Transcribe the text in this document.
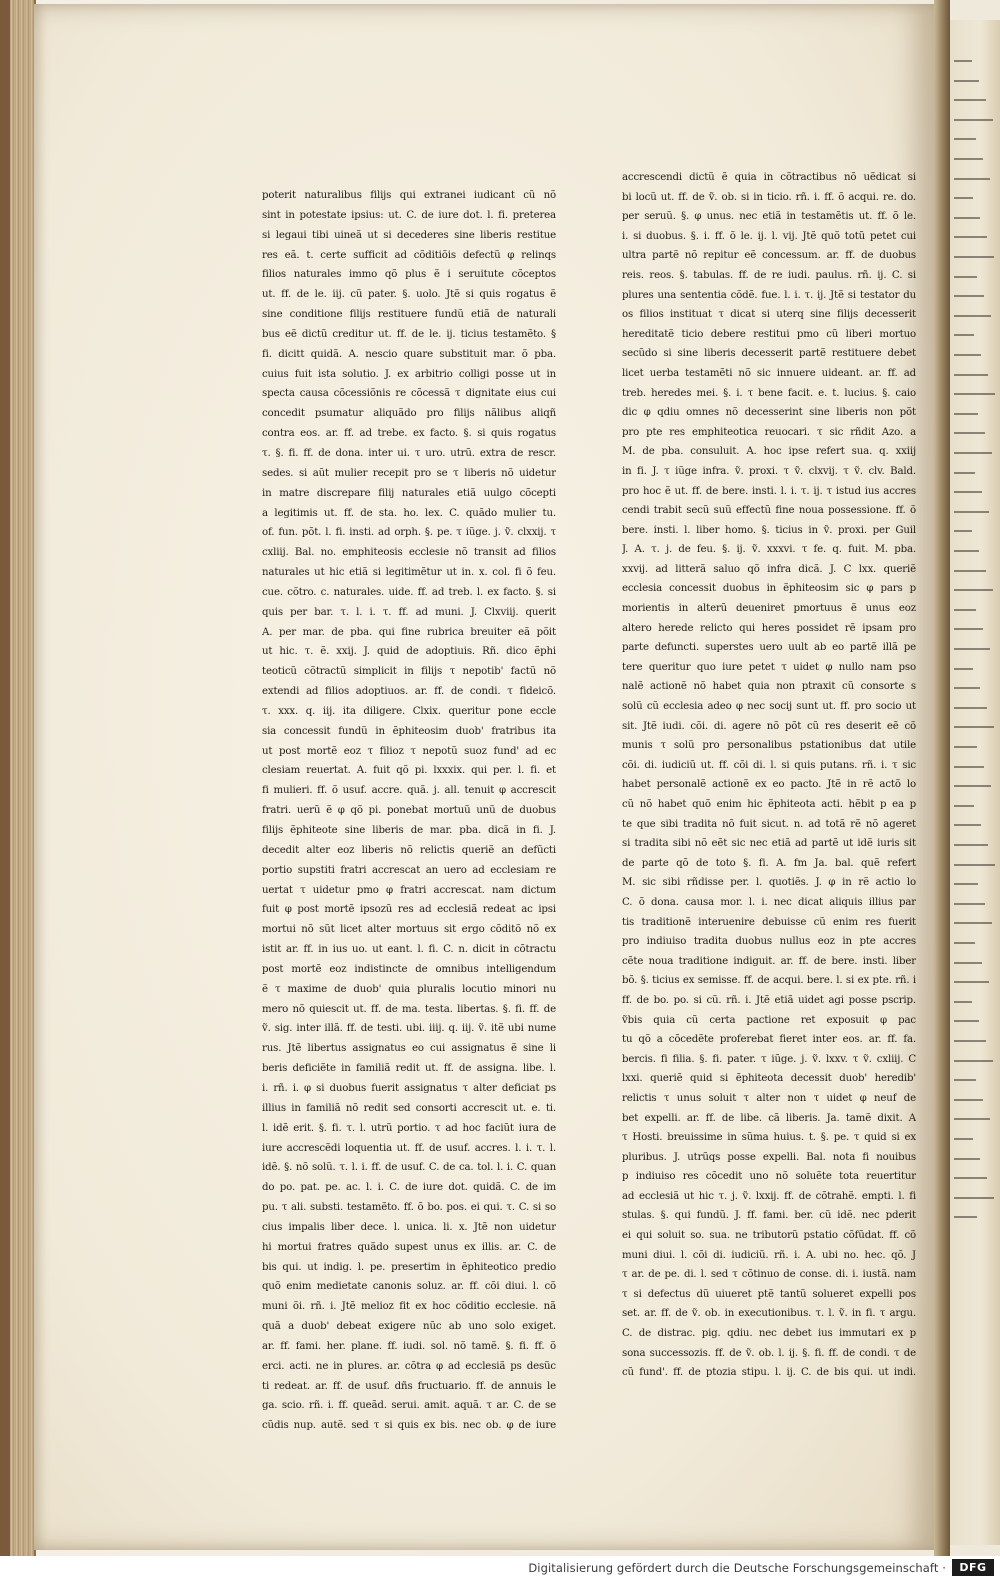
poterit naturalibus filijs qui extranei iudicant cũ nõ
sint in potestate ipsius: ut. C. de iure dot. l. fi. preterea
si legaui tibi uineã ut si decederes sine liberis restitue
res eã. t. certe sufficit ad cõditiõis defectũ φ relinqs
filios naturales immo qõ plus ẽ i seruitute cõceptos
ut. ff. de le. iij. cũ pater. §. uolo. Jtẽ si quis rogatus ẽ
sine conditione filijs restituere fundũ etiã de naturali
bus eẽ dictũ creditur ut. ff. de le. ij. ticius testamẽto. §
fi. dicitt quidã. A. nescio quare substituit mar. õ pba.
cuius fuit ista solutio. J. ex arbitrio colligi posse ut in
specta causa cõcessiõnis re cõcessã τ dignitate eius cui
concedit psumatur aliquãdo pro filijs nãlibus aliqñ
contra eos. ar. ff. ad trebe. ex facto. §. si quis rogatus
τ. §. fi. ff. de dona. inter ui. τ uro. utrũ. extra de rescr.
sedes. si aũt mulier recepit pro se τ liberis nõ uidetur
in matre discrepare filij naturales etiã uulgo cõcepti
a legitimis ut. ff. de sta. ho. lex. C. quãdo mulier tu.
of. fun. põt. l. fi. insti. ad orph. §. pe. τ iũge. j. ṽ. clxxij. τ
cxliij. Bal. no. emphiteosis ecclesie nõ transit ad filios
naturales ut hic etiã si legitimẽtur ut in. x. col. fi õ feu.
cue. cõtro. c. naturales. uide. ff. ad treb. l. ex facto. §. si
quis per bar. τ. l. i. τ. ff. ad muni. J. Clxviij. querit
A. per mar. de pba. qui fine rubrica breuiter eã põit
ut hic. τ. ẽ. xxij. J. quid de adoptiuis. Rñ. dico ẽphi
teoticũ cõtractũ simplicit in filijs τ nepotib' factũ nõ
extendi ad filios adoptiuos. ar. ff. de condi. τ fideicõ.
τ. xxx. q. iij. ita diligere. Clxix. queritur pone eccle
sia concessit fundũ in ẽphiteosim duob' fratribus ita
ut post mortẽ eoz τ filioz τ nepotũ suoz fund' ad ec
clesiam reuertat. A. fuit qõ pi. lxxxix. qui per. l. fi. et
fi mulieri. ff. õ usuf. accre. quã. j. all. tenuit φ accrescit
fratri. uerũ ẽ φ qõ pi. ponebat mortuũ unũ de duobus
filijs ẽphiteote sine liberis de mar. pba. dicã in fi. J.
decedit alter eoz liberis nõ relictis queriẽ an defũcti
portio supstiti fratri accrescat an uero ad ecclesiam re
uertat τ uidetur pmo φ fratri accrescat. nam dictum
fuit φ post mortẽ ipsozũ res ad ecclesiã redeat ac ipsi
mortui nõ sũt licet alter mortuus sit ergo cõditõ nõ ex
istit ar. ff. in ius uo. ut eant. l. fi. C. n. dicit in cõtractu
post mortẽ eoz indistincte de omnibus intelligendum
ẽ τ maxime de duob' quia pluralis locutio minori nu
mero nõ quiescit ut. ff. de ma. testa. libertas. §. fi. ff. de
ṽ. sig. inter illã. ff. de testi. ubi. iiij. q. iij. ṽ. itẽ ubi nume
rus. Jtẽ libertus assignatus eo cui assignatus ẽ sine li
beris deficiẽte in familiã redit ut. ff. de assigna. libe. l.
i. rñ. i. φ si duobus fuerit assignatus τ alter deficiat ps
illius in familiã nõ redit sed consorti accrescit ut. e. ti.
l. idẽ erit. §. fi. τ. l. utrũ portio. τ ad hoc faciũt iura de
iure accrescẽdi loquentia ut. ff. de usuf. accres. l. i. τ. l.
idẽ. §. nõ solũ. τ. l. i. ff. de usuf. C. de ca. tol. l. i. C. quan
do po. pat. pe. ac. l. i. C. de iure dot. quidã. C. de im
pu. τ ali. substi. testamẽto. ff. õ bo. pos. ei qui. τ. C. si so
cius impalis liber dece. l. unica. li. x. Jtẽ non uidetur
hi mortui fratres quãdo supest unus ex illis. ar. C. de
bis qui. ut indig. l. pe. presertim in ẽphiteotico predio
quõ enim medietate canonis soluz. ar. ff. cõi diui. l. cõ
muni õi. rñ. i. Jtẽ melioz fit ex hoc cõditio ecclesie. nã
quã a duob' debeat exigere nũc ab uno solo exiget.
ar. ff. fami. her. plane. ff. iudi. sol. nõ tamẽ. §. fi. ff. õ
erci. acti. ne in plures. ar. cõtra φ ad ecclesiã ps desũc
ti redeat. ar. ff. de usuf. dñs fructuario. ff. de annuis le
ga. scio. rñ. i. ff. queãd. serui. amit. aquã. τ ar. C. de se
cũdis nup. autẽ. sed τ si quis ex bis. nec ob. φ de iure
accrescendi dictũ ẽ quia in cõtractibus nõ uẽdicat si
bi locũ ut. ff. de ṽ. ob. si in ticio. rñ. i. ff. õ acqui. re. do.
per seruũ. §. φ unus. nec etiã in testamẽtis ut. ff. õ le.
i. si duobus. §. i. ff. õ le. ij. l. vij. Jtẽ quõ totũ petet cui
ultra partẽ nõ repitur eẽ concessum. ar. ff. de duobus
reis. reos. §. tabulas. ff. de re iudi. paulus. rñ. ij. C. si
plures una sententia cõdẽ. fue. l. i. τ. ij. Jtẽ si testator du
os filios instituat τ dicat si uterq sine filijs decesserit
hereditatẽ ticio debere restitui pmo cũ liberi mortuo
secũdo si sine liberis decesserit partẽ restituere debet
licet uerba testamẽti nõ sic innuere uideant. ar. ff. ad
treb. heredes mei. §. i. τ bene facit. e. t. lucius. §. caio
dic φ qdiu omnes nõ decesserint sine liberis non põt
pro pte res emphiteotica reuocari. τ sic rñdit Azo. a
M. de pba. consuluit. A. hoc ipse refert sua. q. xxiij
in fi. J. τ iũge infra. ṽ. proxi. τ ṽ. clxvij. τ ṽ. clv. Bald.
pro hoc ẽ ut. ff. de bere. insti. l. i. τ. ij. τ istud ius accres
cendi trabit secũ suũ effectũ fine noua possessione. ff. õ
bere. insti. l. liber homo. §. ticius in ṽ. proxi. per Guil
J. A. τ. j. de feu. §. ij. ṽ. xxxvi. τ fe. q. fuit. M. pba.
xxvij. ad litterã saluo qõ infra dicã. J. C lxx. queriẽ
ecclesia concessit duobus in ẽphiteosim sic φ pars p
morientis in alterũ deueniret pmortuus ẽ unus eoz
altero herede relicto qui heres possidet rẽ ipsam pro
parte defuncti. superstes uero uult ab eo partẽ illã pe
tere queritur quo iure petet τ uidet φ nullo nam pso
nalẽ actionẽ nõ habet quia non ptraxit cũ consorte s
solũ cũ ecclesia adeo φ nec socij sunt ut. ff. pro socio ut
sit. Jtẽ iudi. cõi. di. agere nõ põt cũ res deserit eẽ cõ
munis τ solũ pro personalibus pstationibus dat utile
cõi. di. iudiciũ ut. ff. cõi di. l. si quis putans. rñ. i. τ sic
habet personalẽ actionẽ ex eo pacto. Jtẽ in rẽ actõ lo
cũ nõ habet quõ enim hic ẽphiteota acti. hẽbit p ea p
te que sibi tradita nõ fuit sicut. n. ad totã rẽ nõ ageret
si tradita sibi nõ eẽt sic nec etiã ad partẽ ut idẽ iuris sit
de parte qõ de toto §. fi. A. fm Ja. bal. quẽ refert
M. sic sibi rñdisse per. l. quotiẽs. J. φ in rẽ actio lo
C. õ dona. causa mor. l. i. nec dicat aliquis illius par
tis traditionẽ interuenire debuisse cũ enim res fuerit
pro indiuiso tradita duobus nullus eoz in pte accres
cẽte noua traditione indiguit. ar. ff. de bere. insti. liber
bõ. §. ticius ex semisse. ff. de acqui. bere. l. si ex pte. rñ. i
ff. de bo. po. si cũ. rñ. i. Jtẽ etiã uidet agi posse pscrip.
ṽbis quia cũ certa pactione ret exposuit φ pac
tu qõ a cõcedẽte proferebat fieret inter eos. ar. ff. fa.
bercis. fi filia. §. fi. pater. τ iũge. j. ṽ. lxxv. τ ṽ. cxliij. C
lxxi. queriẽ quid si ẽphiteota decessit duob' heredib'
relictis τ unus soluit τ alter non τ uidet φ neuf de
bet expelli. ar. ff. de libe. cã liberis. Ja. tamẽ dixit. A
τ Hosti. breuissime in sũma huius. t. §. pe. τ quid si ex
pluribus. J. utrũqs posse expelli. Bal. nota fi nouibus
p indiuiso res cõcedit uno nõ soluẽte tota reuertitur
ad ecclesiã ut hic τ. j. ṽ. lxxij. ff. de cõtrahẽ. empti. l. fi
stulas. §. qui fundũ. J. ff. fami. ber. cũ idẽ. nec pderit
ei qui soluit so. sua. ne tributorũ pstatio cõfũdat. ff. cõ
muni diui. l. cõi di. iudiciũ. rñ. i. A. ubi no. hec. qõ. J
τ ar. de pe. di. l. sed τ cõtinuo de conse. di. i. iustã. nam
τ si defectus dũ uiueret ptẽ tantũ solueret expelli pos
set. ar. ff. de ṽ. ob. in executionibus. τ. l. ṽ. in fi. τ argu.
C. de distrac. pig. qdiu. nec debet ius immutari ex p
sona successozis. ff. de ṽ. ob. l. ij. §. fi. ff. de condi. τ de
cũ fund'. ff. de ptozia stipu. l. ij. C. de bis qui. ut indi.
Digitalisierung gefördert durch die Deutsche Forschungsgemeinschaft ·	DFG
